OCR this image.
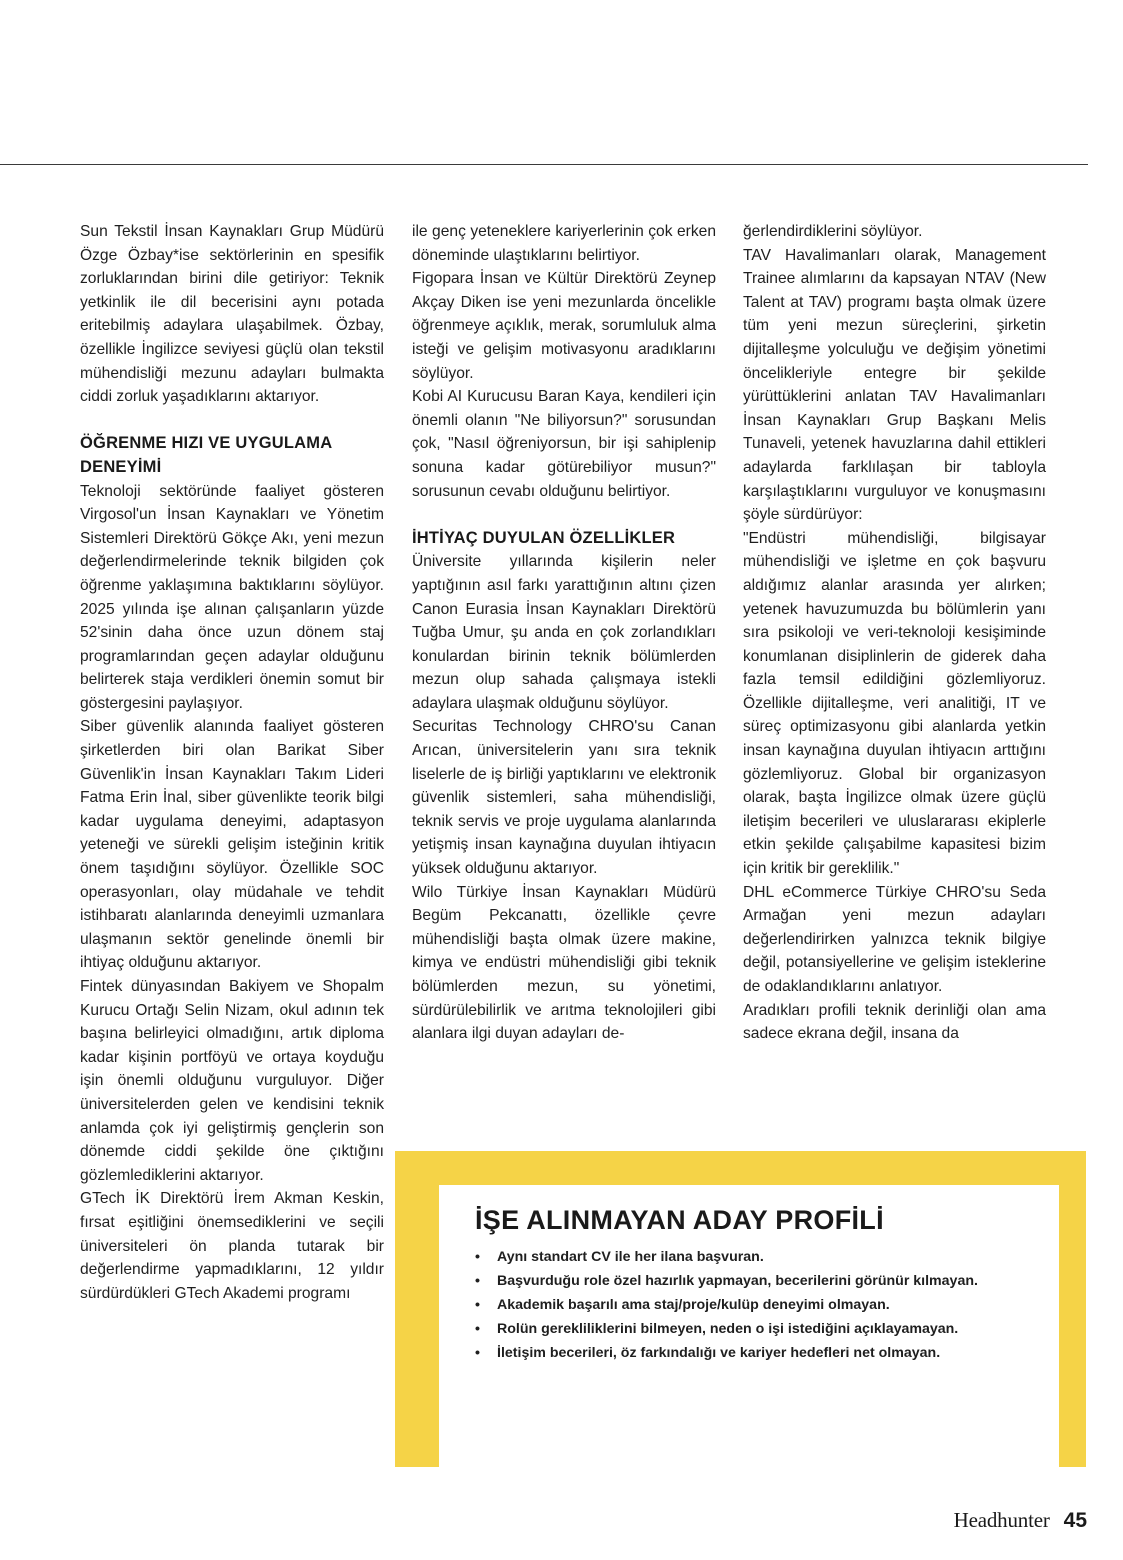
Sun Tekstil İnsan Kaynakları Grup Müdürü Özge Özbay*ise sektörlerinin en spesifik zorluklarından birini dile getiriyor: Teknik yetkinlik ile dil becerisini aynı potada eritebilmiş adaylara ulaşabilmek. Özbay, özellikle İngilizce seviyesi güçlü olan tekstil mühendisliği mezunu adayları bulmakta ciddi zorluk yaşadıklarını aktarıyor.

ÖĞRENME HIZI VE UYGULAMA DENEYİMİ

Teknoloji sektöründe faaliyet gösteren Virgosol'un İnsan Kaynakları ve Yönetim Sistemleri Direktörü Gökçe Akı, yeni mezun değerlendirmelerinde teknik bilgiden çok öğrenme yaklaşımına baktıklarını söylüyor. 2025 yılında işe alınan çalışanların yüzde 52'sinin daha önce uzun dönem staj programlarından geçen adaylar olduğunu belirterek staja verdikleri önemin somut bir göstergesini paylaşıyor.

Siber güvenlik alanında faaliyet gösteren şirketlerden biri olan Barikat Siber Güvenlik'in İnsan Kaynakları Takım Lideri Fatma Erin İnal, siber güvenlikte teorik bilgi kadar uygulama deneyimi, adaptasyon yeteneği ve sürekli gelişim isteğinin kritik önem taşıdığını söylüyor. Özellikle SOC operasyonları, olay müdahale ve tehdit istihbaratı alanlarında deneyimli uzmanlara ulaşmanın sektör genelinde önemli bir ihtiyaç olduğunu aktarıyor.

Fintek dünyasından Bakiyem ve Shopalm Kurucu Ortağı Selin Nizam, okul adının tek başına belirleyici olmadığını, artık diploma kadar kişinin portföyü ve ortaya koyduğu işin önemli olduğunu vurguluyor. Diğer üniversitelerden gelen ve kendisini teknik anlamda çok iyi geliştirmiş gençlerin son dönemde ciddi şekilde öne çıktığını gözlemlediklerini aktarıyor.

GTech İK Direktörü İrem Akman Keskin, fırsat eşitliğini önemsediklerini ve seçili üniversiteleri ön planda tutarak bir değerlendirme yapmadıklarını, 12 yıldır sürdürdükleri GTech Akademi programı

ile genç yeteneklere kariyerlerinin çok erken döneminde ulaştıklarını belirtiyor.

Figopara İnsan ve Kültür Direktörü Zeynep Akçay Diken ise yeni mezunlarda öncelikle öğrenmeye açıklık, merak, sorumluluk alma isteği ve gelişim motivasyonu aradıklarını söylüyor.

Kobi AI Kurucusu Baran Kaya, kendileri için önemli olanın "Ne biliyorsun?" sorusundan çok, "Nasıl öğreniyorsun, bir işi sahiplenip sonuna kadar götürebiliyor musun?" sorusunun cevabı olduğunu belirtiyor.

İHTİYAÇ DUYULAN ÖZELLİKLER

Üniversite yıllarında kişilerin neler yaptığının asıl farkı yarattığının altını çizen Canon Eurasia İnsan Kaynakları Direktörü Tuğba Umur, şu anda en çok zorlandıkları konulardan birinin teknik bölümlerden mezun olup sahada çalışmaya istekli adaylara ulaşmak olduğunu söylüyor.

Securitas Technology CHRO'su Canan Arıcan, üniversitelerin yanı sıra teknik liselerle de iş birliği yaptıklarını ve elektronik güvenlik sistemleri, saha mühendisliği, teknik servis ve proje uygulama alanlarında yetişmiş insan kaynağına duyulan ihtiyacın yüksek olduğunu aktarıyor.

Wilo Türkiye İnsan Kaynakları Müdürü Begüm Pekcanattı, özellikle çevre mühendisliği başta olmak üzere makine, kimya ve endüstri mühendisliği gibi teknik bölümlerden mezun, su yönetimi, sürdürülebilirlik ve arıtma teknolojileri gibi alanlara ilgi duyan adayları de-

ğerlendirdiklerini söylüyor.

TAV Havalimanları olarak, Management Trainee alımlarını da kapsayan NTAV (New Talent at TAV) programı başta olmak üzere tüm yeni mezun süreçlerini, şirketin dijitalleşme yolculuğu ve değişim yönetimi öncelikleriyle entegre bir şekilde yürüttüklerini anlatan TAV Havalimanları İnsan Kaynakları Grup Başkanı Melis Tunaveli, yetenek havuzlarına dahil ettikleri adaylarda farklılaşan bir tabloyla karşılaştıklarını vurguluyor ve konuşmasını şöyle sürdürüyor:

"Endüstri mühendisliği, bilgisayar mühendisliği ve işletme en çok başvuru aldığımız alanlar arasında yer alırken; yetenek havuzumuzda bu bölümlerin yanı sıra psikoloji ve veri-teknoloji kesişiminde konumlanan disiplinlerin de giderek daha fazla temsil edildiğini gözlemliyoruz. Özellikle dijitalleşme, veri analitiği, IT ve süreç optimizasyonu gibi alanlarda yetkin insan kaynağına duyulan ihtiyacın arttığını gözlemliyoruz. Global bir organizasyon olarak, başta İngilizce olmak üzere güçlü iletişim becerileri ve uluslararası ekiplerle etkin şekilde çalışabilme kapasitesi bizim için kritik bir gereklilik."

DHL eCommerce Türkiye CHRO'su Seda Armağan yeni mezun adayları değerlendirirken yalnızca teknik bilgiye değil, potansiyellerine ve gelişim isteklerine de odaklandıklarını anlatıyor.

Aradıkları profili teknik derinliği olan ama sadece ekrana değil, insana da

İŞE ALINMAYAN ADAY PROFİLİ
• Aynı standart CV ile her ilana başvuran.
• Başvurduğu role özel hazırlık yapmayan, becerilerini görünür kılmayan.
• Akademik başarılı ama staj/proje/kulüp deneyimi olmayan.
• Rolün gerekliliklerini bilmeyen, neden o işi istediğini açıklayamayan.
• İletişim becerileri, öz farkındalığı ve kariyer hedefleri net olmayan.
Headhunter 45
